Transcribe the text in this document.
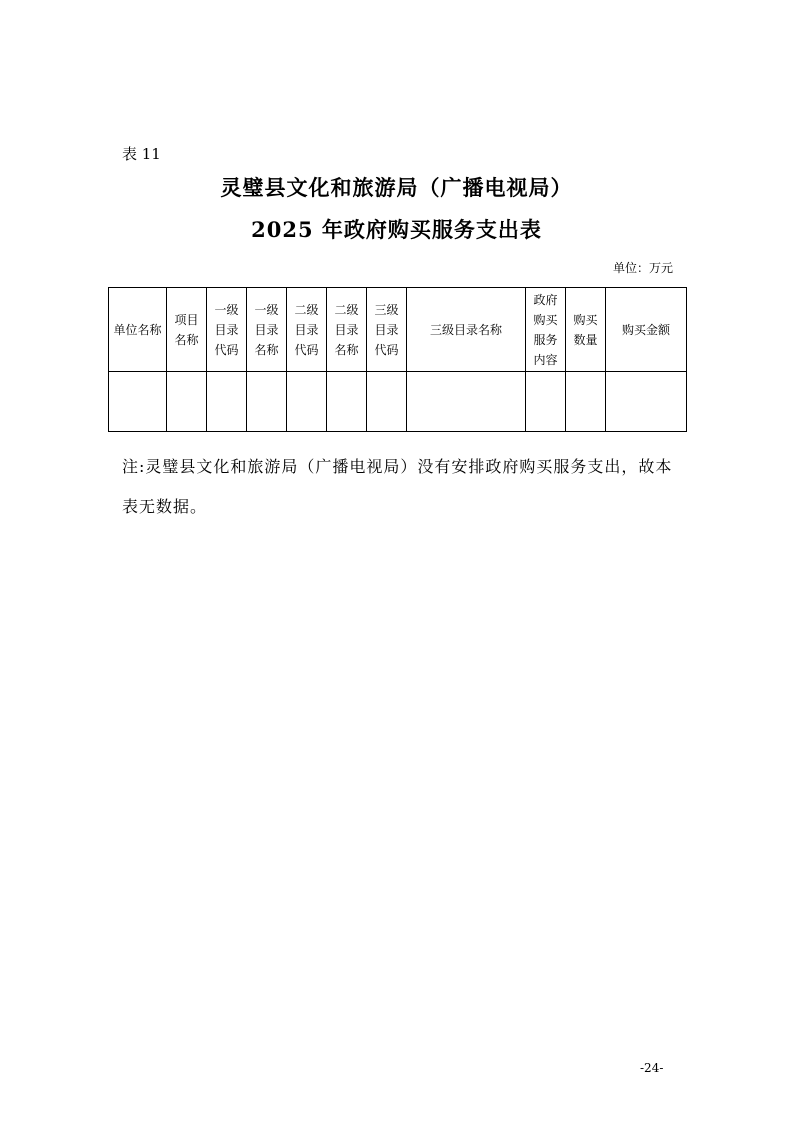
表 11
灵璧县文化和旅游局（广播电视局）
2025 年政府购买服务支出表
单位：万元
单位名称	项目名称	一级目录代码	一级目录名称	二级目录代码	二级目录名称	三级目录代码	三级目录名称	政府购买服务内容	购买数量	购买金额

注:灵璧县文化和旅游局（广播电视局）没有安排政府购买服务支出，故本表无数据。
-24-
